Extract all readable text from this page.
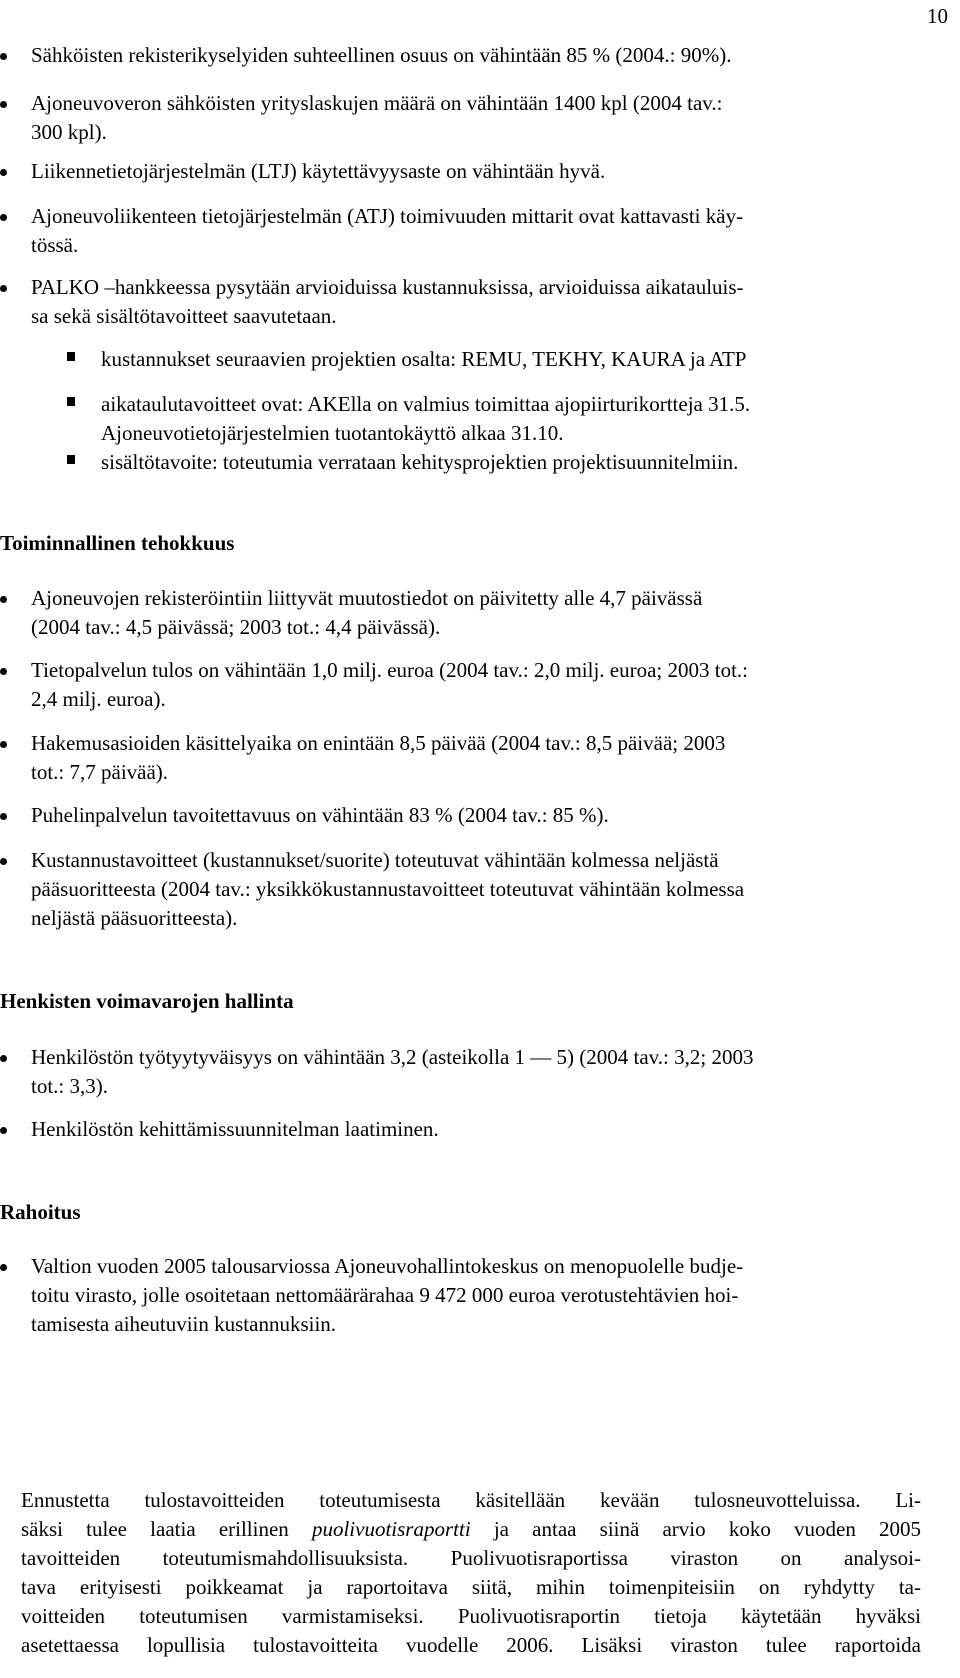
10
Sähköisten rekisterikyselyiden suhteellinen osuus on vähintään 85 % (2004.: 90%).
Ajoneuvoveron sähköisten yrityslaskujen määrä on vähintään 1400 kpl (2004 tav.:
300 kpl).
Liikennetietojärjestelmän (LTJ) käytettävyysaste on vähintään hyvä.
Ajoneuvoliikenteen tietojärjestelmän (ATJ) toimivuuden mittarit ovat kattavasti käy-
tössä.
PALKO –hankkeessa pysytään arvioiduissa kustannuksissa, arvioiduissa aikatauluis-
sa sekä sisältötavoitteet saavutetaan.
kustannukset seuraavien projektien osalta: REMU, TEKHY, KAURA ja ATP
aikataulutavoitteet ovat: AKElla on valmius toimittaa ajopiirturikortteja 31.5.
Ajoneuvotietojärjestelmien tuotantokäyttö alkaa 31.10.
sisältötavoite: toteutumia verrataan kehitysprojektien projektisuunnitelmiin.
Toiminnallinen tehokkuus
Ajoneuvojen rekisteröintiin liittyvät muutostiedot on päivitetty alle 4,7 päivässä
(2004 tav.: 4,5 päivässä; 2003 tot.: 4,4 päivässä).
Tietopalvelun tulos on vähintään 1,0 milj. euroa (2004 tav.: 2,0 milj. euroa; 2003 tot.:
2,4 milj. euroa).
Hakemusasioiden käsittelyaika on enintään 8,5 päivää (2004 tav.: 8,5 päivää; 2003
tot.: 7,7 päivää).
Puhelinpalvelun tavoitettavuus on vähintään 83 % (2004 tav.: 85 %).
Kustannustavoitteet (kustannukset/suorite) toteutuvat vähintään kolmessa neljästä
pääsuoritteesta (2004 tav.: yksikkökustannustavoitteet toteutuvat vähintään kolmessa
neljästä pääsuoritteesta).
Henkisten voimavarojen hallinta
Henkilöstön työtyytyväisyys on vähintään 3,2 (asteikolla 1 — 5) (2004 tav.: 3,2; 2003
tot.: 3,3).
Henkilöstön kehittämissuunnitelman laatiminen.
Rahoitus
Valtion vuoden 2005 talousarviossa Ajoneuvohallintokeskus on menopuolelle budje-
toitu virasto, jolle osoitetaan nettomäärärahaa 9 472 000 euroa verotustehtävien hoi-
tamisesta aiheutuviin kustannuksiin.
Ennustetta tulostavoitteiden toteutumisesta käsitellään kevään tulosneuvotteluissa. Li-
säksi tulee laatia erillinen puolivuotisraportti ja antaa siinä arvio koko vuoden 2005
tavoitteiden toteutumismahdollisuuksista. Puolivuotisraportissa viraston on analysoi-
tava erityisesti poikkeamat ja raportoitava siitä, mihin toimenpiteisiin on ryhdytty ta-
voitteiden toteutumisen varmistamiseksi. Puolivuotisraportin tietoja käytetään hyväksi
asetettaessa lopullisia tulostavoitteita vuodelle 2006. Lisäksi viraston tulee raportoida
